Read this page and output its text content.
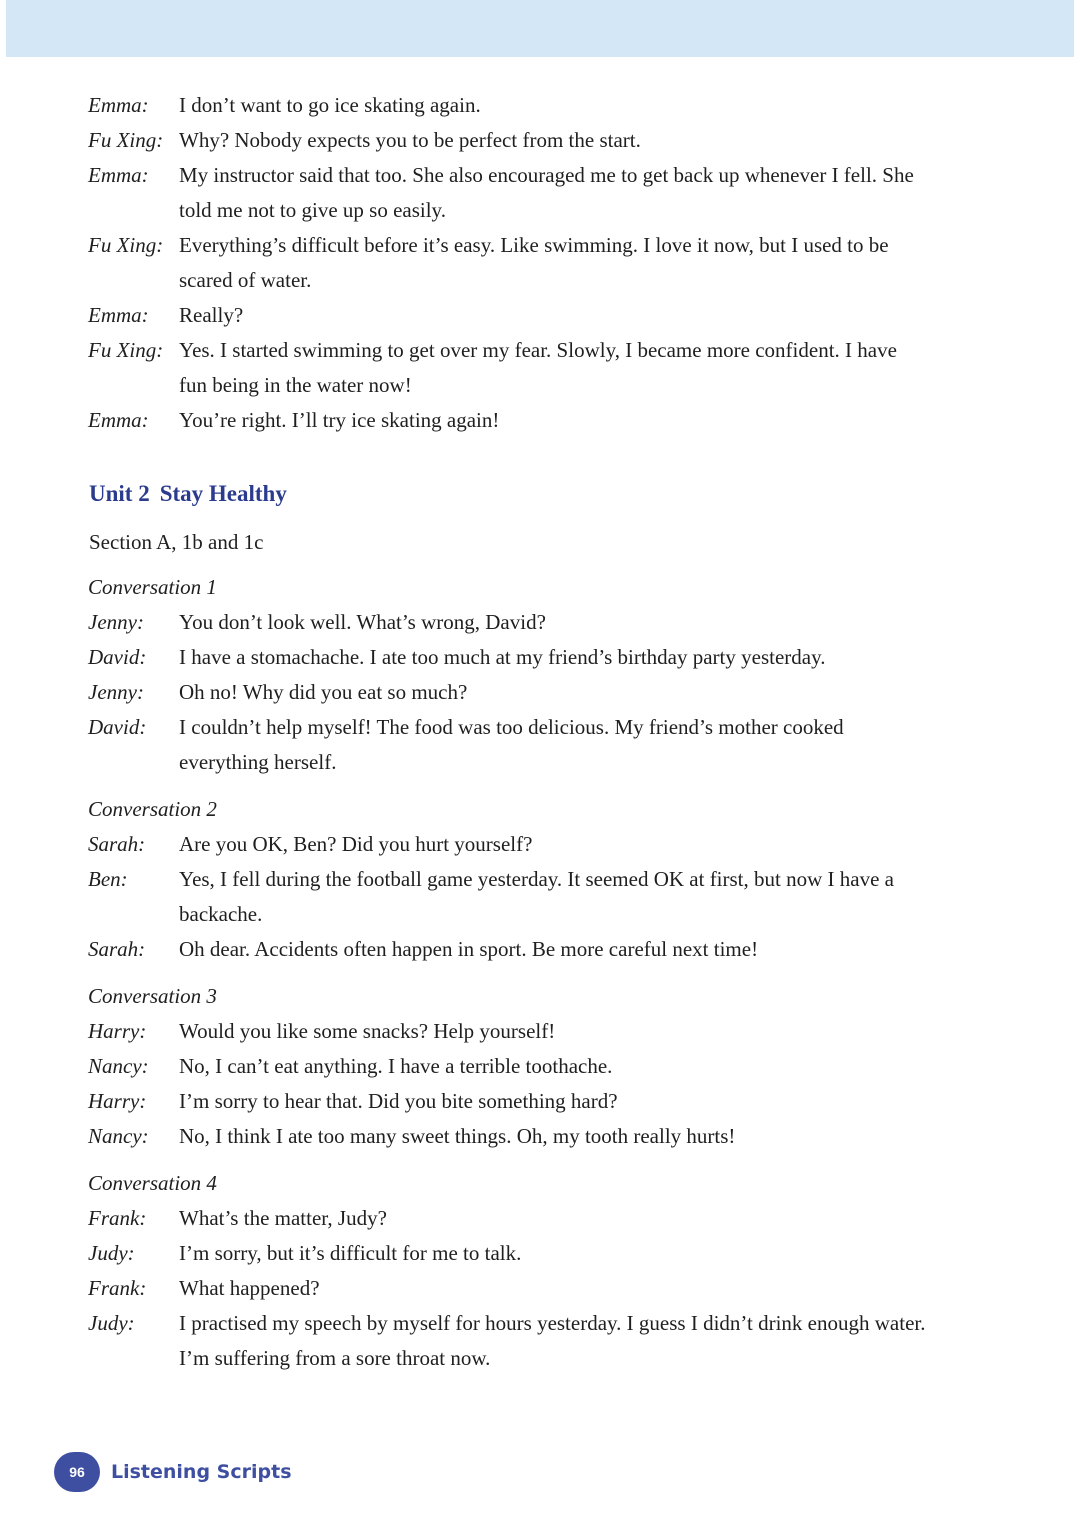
Emma:	I don’t want to go ice skating again.
Fu Xing: Why? Nobody expects you to be perfect from the start.
Emma:	My instructor said that too. She also encouraged me to get back up whenever I fell. She told me not to give up so easily.
Fu Xing: Everything’s difficult before it’s easy. Like swimming. I love it now, but I used to be scared of water.
Emma:	Really?
Fu Xing: Yes. I started swimming to get over my fear. Slowly, I became more confident. I have fun being in the water now!
Emma:	You’re right. I’ll try ice skating again!
Unit 2 Stay Healthy
Section A, 1b and 1c
Conversation 1
Jenny:	You don’t look well. What’s wrong, David?
David:	I have a stomachache. I ate too much at my friend’s birthday party yesterday.
Jenny:	Oh no! Why did you eat so much?
David:	I couldn’t help myself! The food was too delicious. My friend’s mother cooked everything herself.
Conversation 2
Sarah:	Are you OK, Ben? Did you hurt yourself?
Ben:	Yes, I fell during the football game yesterday. It seemed OK at first, but now I have a backache.
Sarah:	Oh dear. Accidents often happen in sport. Be more careful next time!
Conversation 3
Harry:	Would you like some snacks? Help yourself!
Nancy:	No, I can’t eat anything. I have a terrible toothache.
Harry:	I’m sorry to hear that. Did you bite something hard?
Nancy:	No, I think I ate too many sweet things. Oh, my tooth really hurts!
Conversation 4
Frank:	What’s the matter, Judy?
Judy:	I’m sorry, but it’s difficult for me to talk.
Frank:	What happened?
Judy:	I practised my speech by myself for hours yesterday. I guess I didn’t drink enough water. I’m suffering from a sore throat now.
96	Listening Scripts
